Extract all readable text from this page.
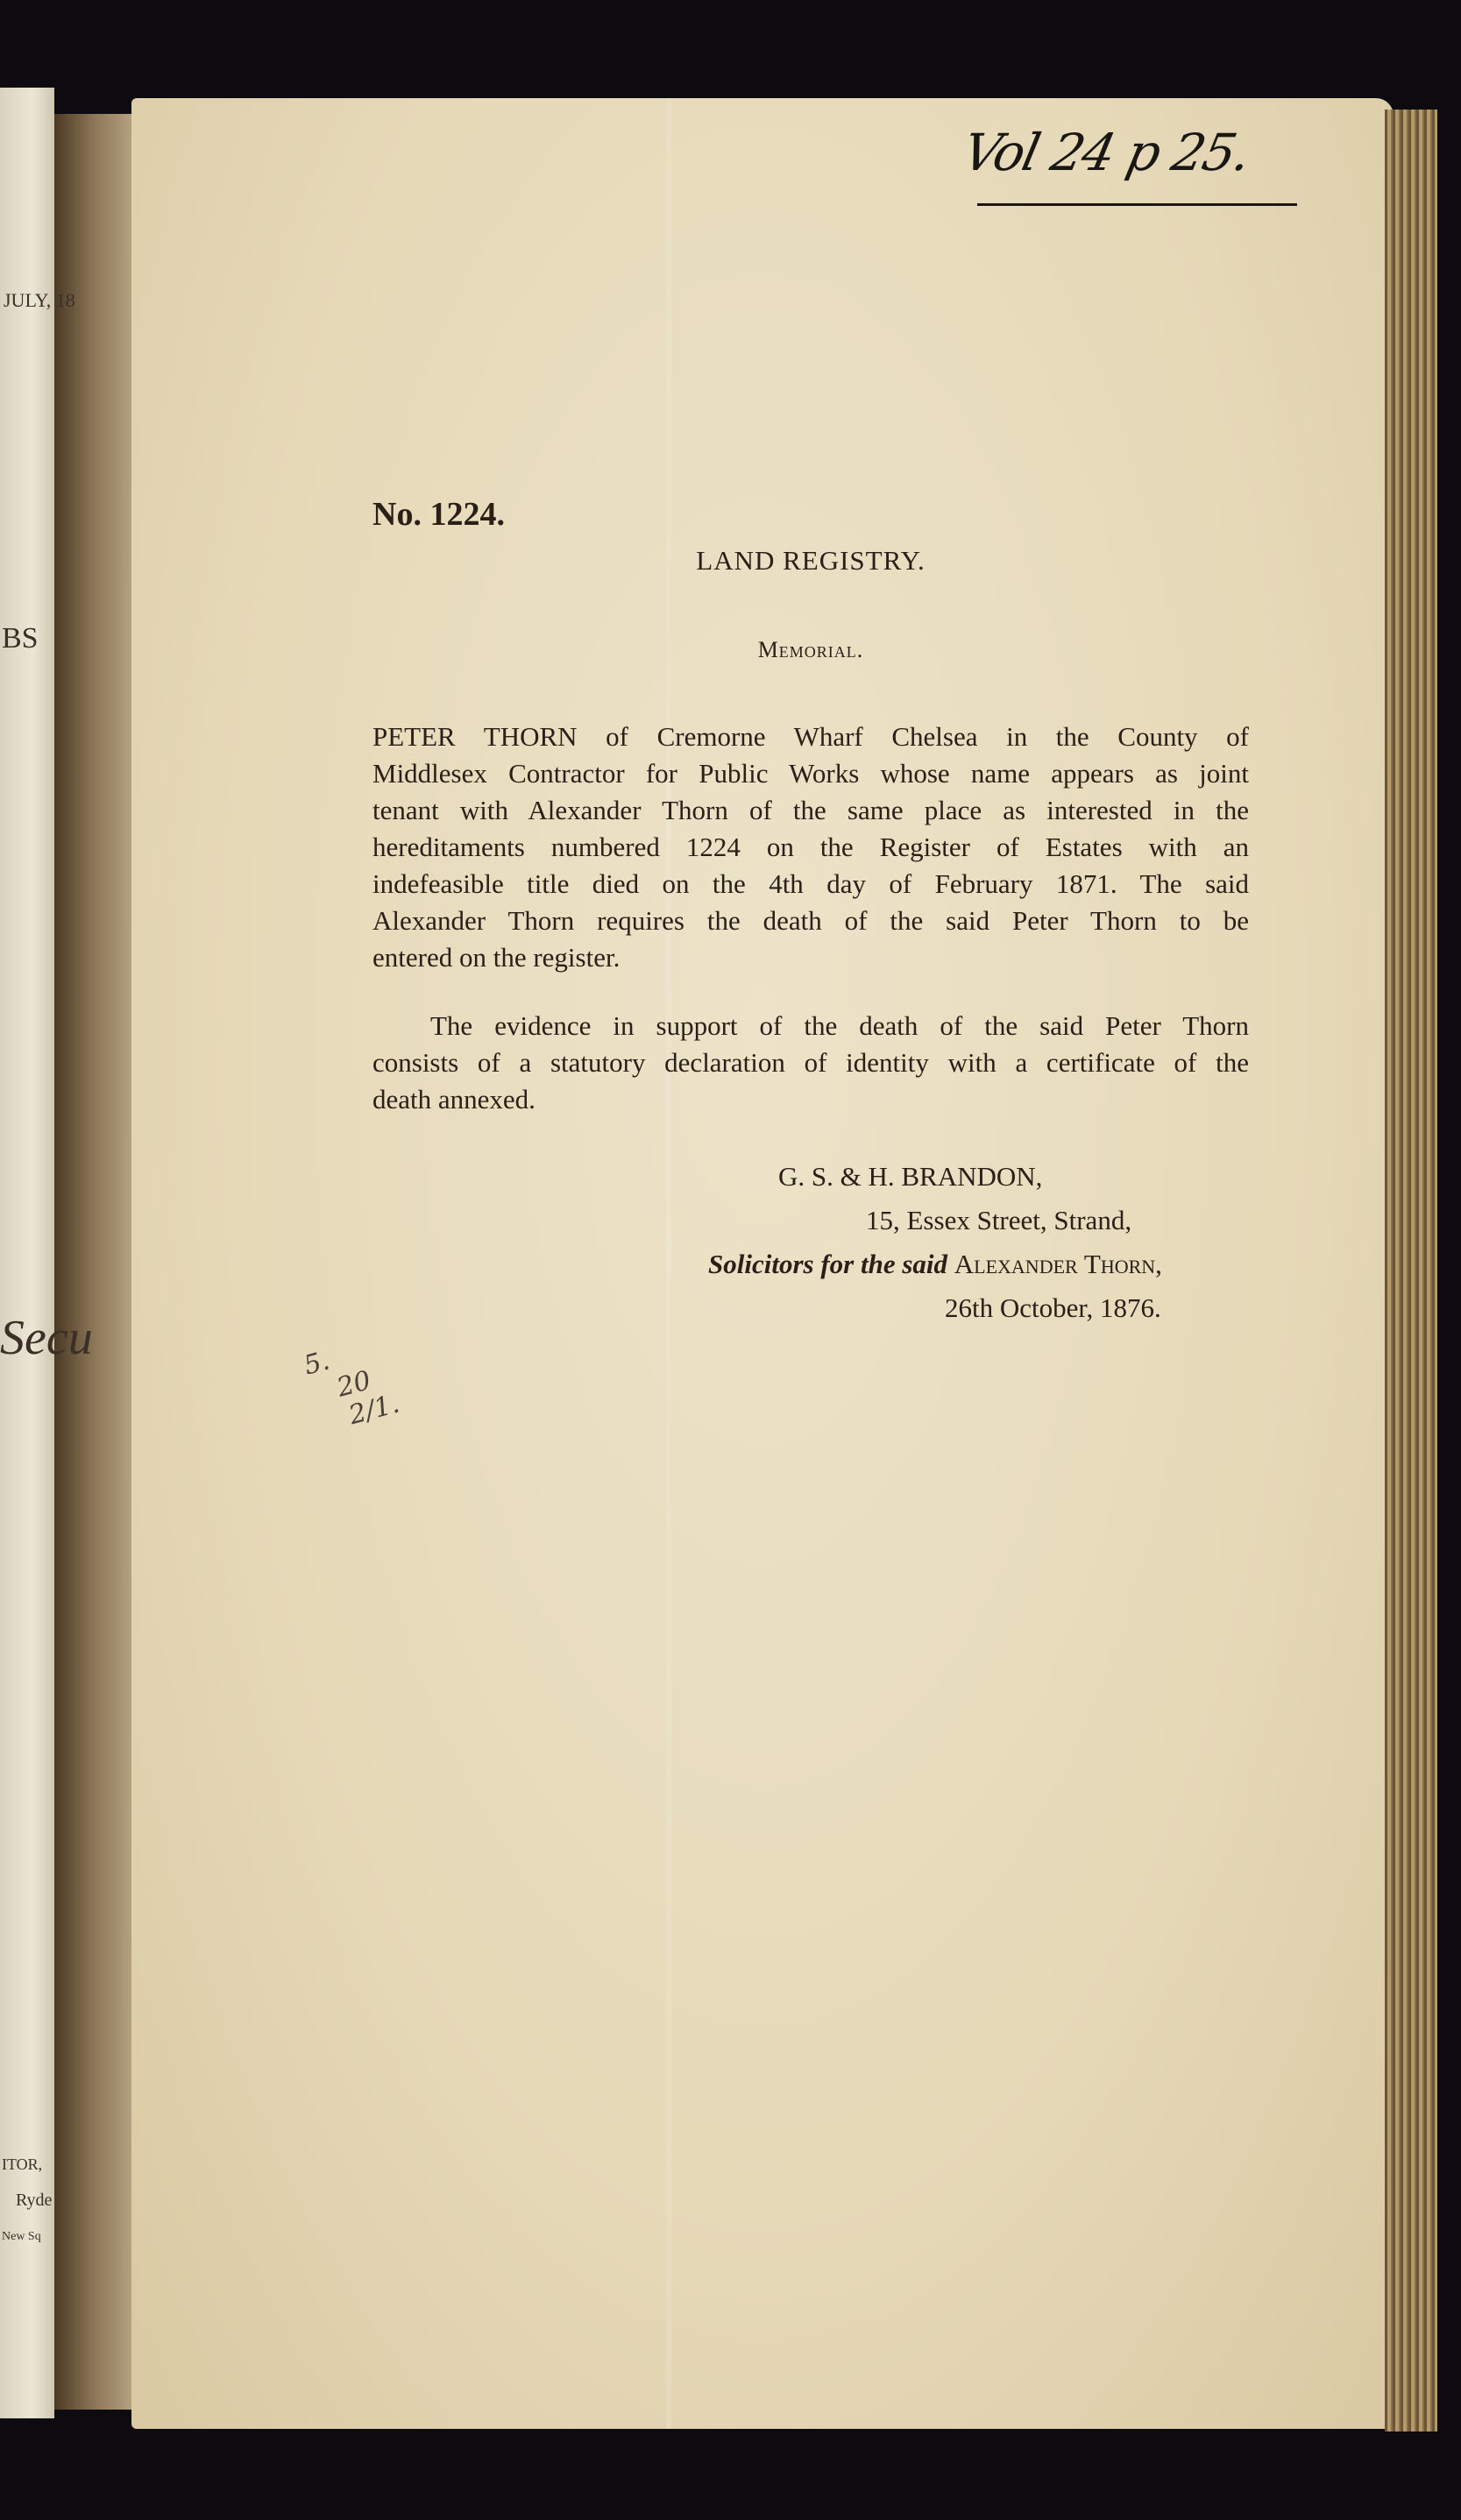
JULY, 18
BS
Secu
ITOR,
Ryde
New Sq
Vol 24 p 25.
No. 1224.
LAND REGISTRY.
Memorial.
PETER THORN of Cremorne Wharf Chelsea in the County of
Middlesex Contractor for Public Works whose name appears as joint
tenant with Alexander Thorn of the same place as interested in the
hereditaments numbered 1224 on the Register of Estates with an
indefeasible title died on the 4th day of February 1871. The said
Alexander Thorn requires the death of the said Peter Thorn to be
entered on the register.
The evidence in support of the death of the said Peter Thorn
consists of a statutory declaration of identity with a certificate of the
death annexed.
G. S. & H. BRANDON,
15, Essex Street, Strand,
Solicitors for the said Alexander Thorn,
26th October, 1876.
5.
20
2/1.
